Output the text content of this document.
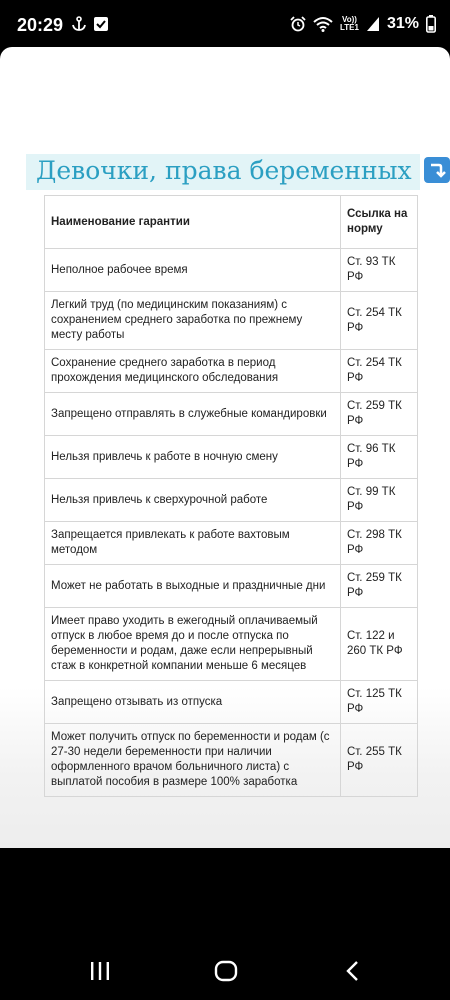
20:29	Vo))
LTE1 31%
Девочки, права беременных
Наименование гарантии	Ссылка на норму
Неполное рабочее время	Ст. 93 ТК РФ
Легкий труд (по медицинским показаниям) с сохранением среднего заработка по прежнему месту работы	Ст. 254 ТК РФ
Сохранение среднего заработка в период прохождения медицинского обследования	Ст. 254 ТК РФ
Запрещено отправлять в служебные командировки	Ст. 259 ТК РФ
Нельзя привлечь к работе в ночную смену	Ст. 96 ТК РФ
Нельзя привлечь к сверхурочной работе	Ст. 99 ТК РФ
Запрещается привлекать к работе вахтовым методом	Ст. 298 ТК РФ
Может не работать в выходные и праздничные дни	Ст. 259 ТК РФ
Имеет право уходить в ежегодный оплачиваемый отпуск в любое время до и после отпуска по беременности и родам, даже если непрерывный стаж в конкретной компании меньше 6 месяцев	Ст. 122 и 260 ТК РФ
Запрещено отзывать из отпуска	Ст. 125 ТК РФ
Может получить отпуск по беременности и родам (с 27-30 недели беременности при наличии оформленного врачом больничного листа) с выплатой пособия в размере 100% заработка	Ст. 255 ТК РФ
